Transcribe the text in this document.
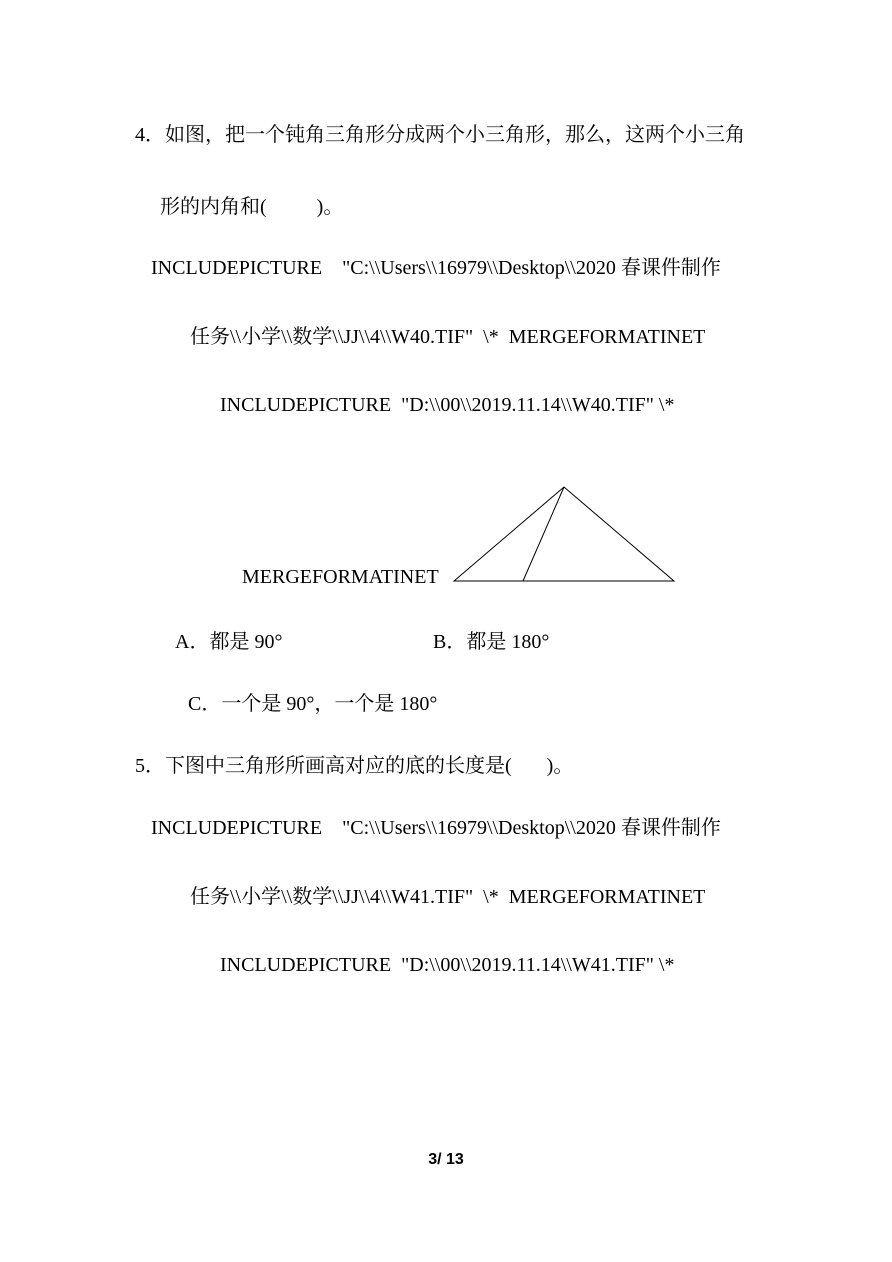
4．如图，把一个钝角三角形分成两个小三角形，那么，这两个小三角
形的内角和(          )。
INCLUDEPICTURE    "C:\\Users\\16979\\Desktop\\2020 春课件制作
任务\\小学\\数学\\JJ\\4\\W40.TIF"  \*  MERGEFORMATINET
INCLUDEPICTURE  "D:\\00\\2019.11.14\\W40.TIF" \*
MERGEFORMATINET
A．都是 90°	B．都是 180°
C．一个是 90°，一个是 180°
5．下图中三角形所画高对应的底的长度是(       )。
INCLUDEPICTURE    "C:\\Users\\16979\\Desktop\\2020 春课件制作
任务\\小学\\数学\\JJ\\4\\W41.TIF"  \*  MERGEFORMATINET
INCLUDEPICTURE  "D:\\00\\2019.11.14\\W41.TIF" \*
3/ 13
